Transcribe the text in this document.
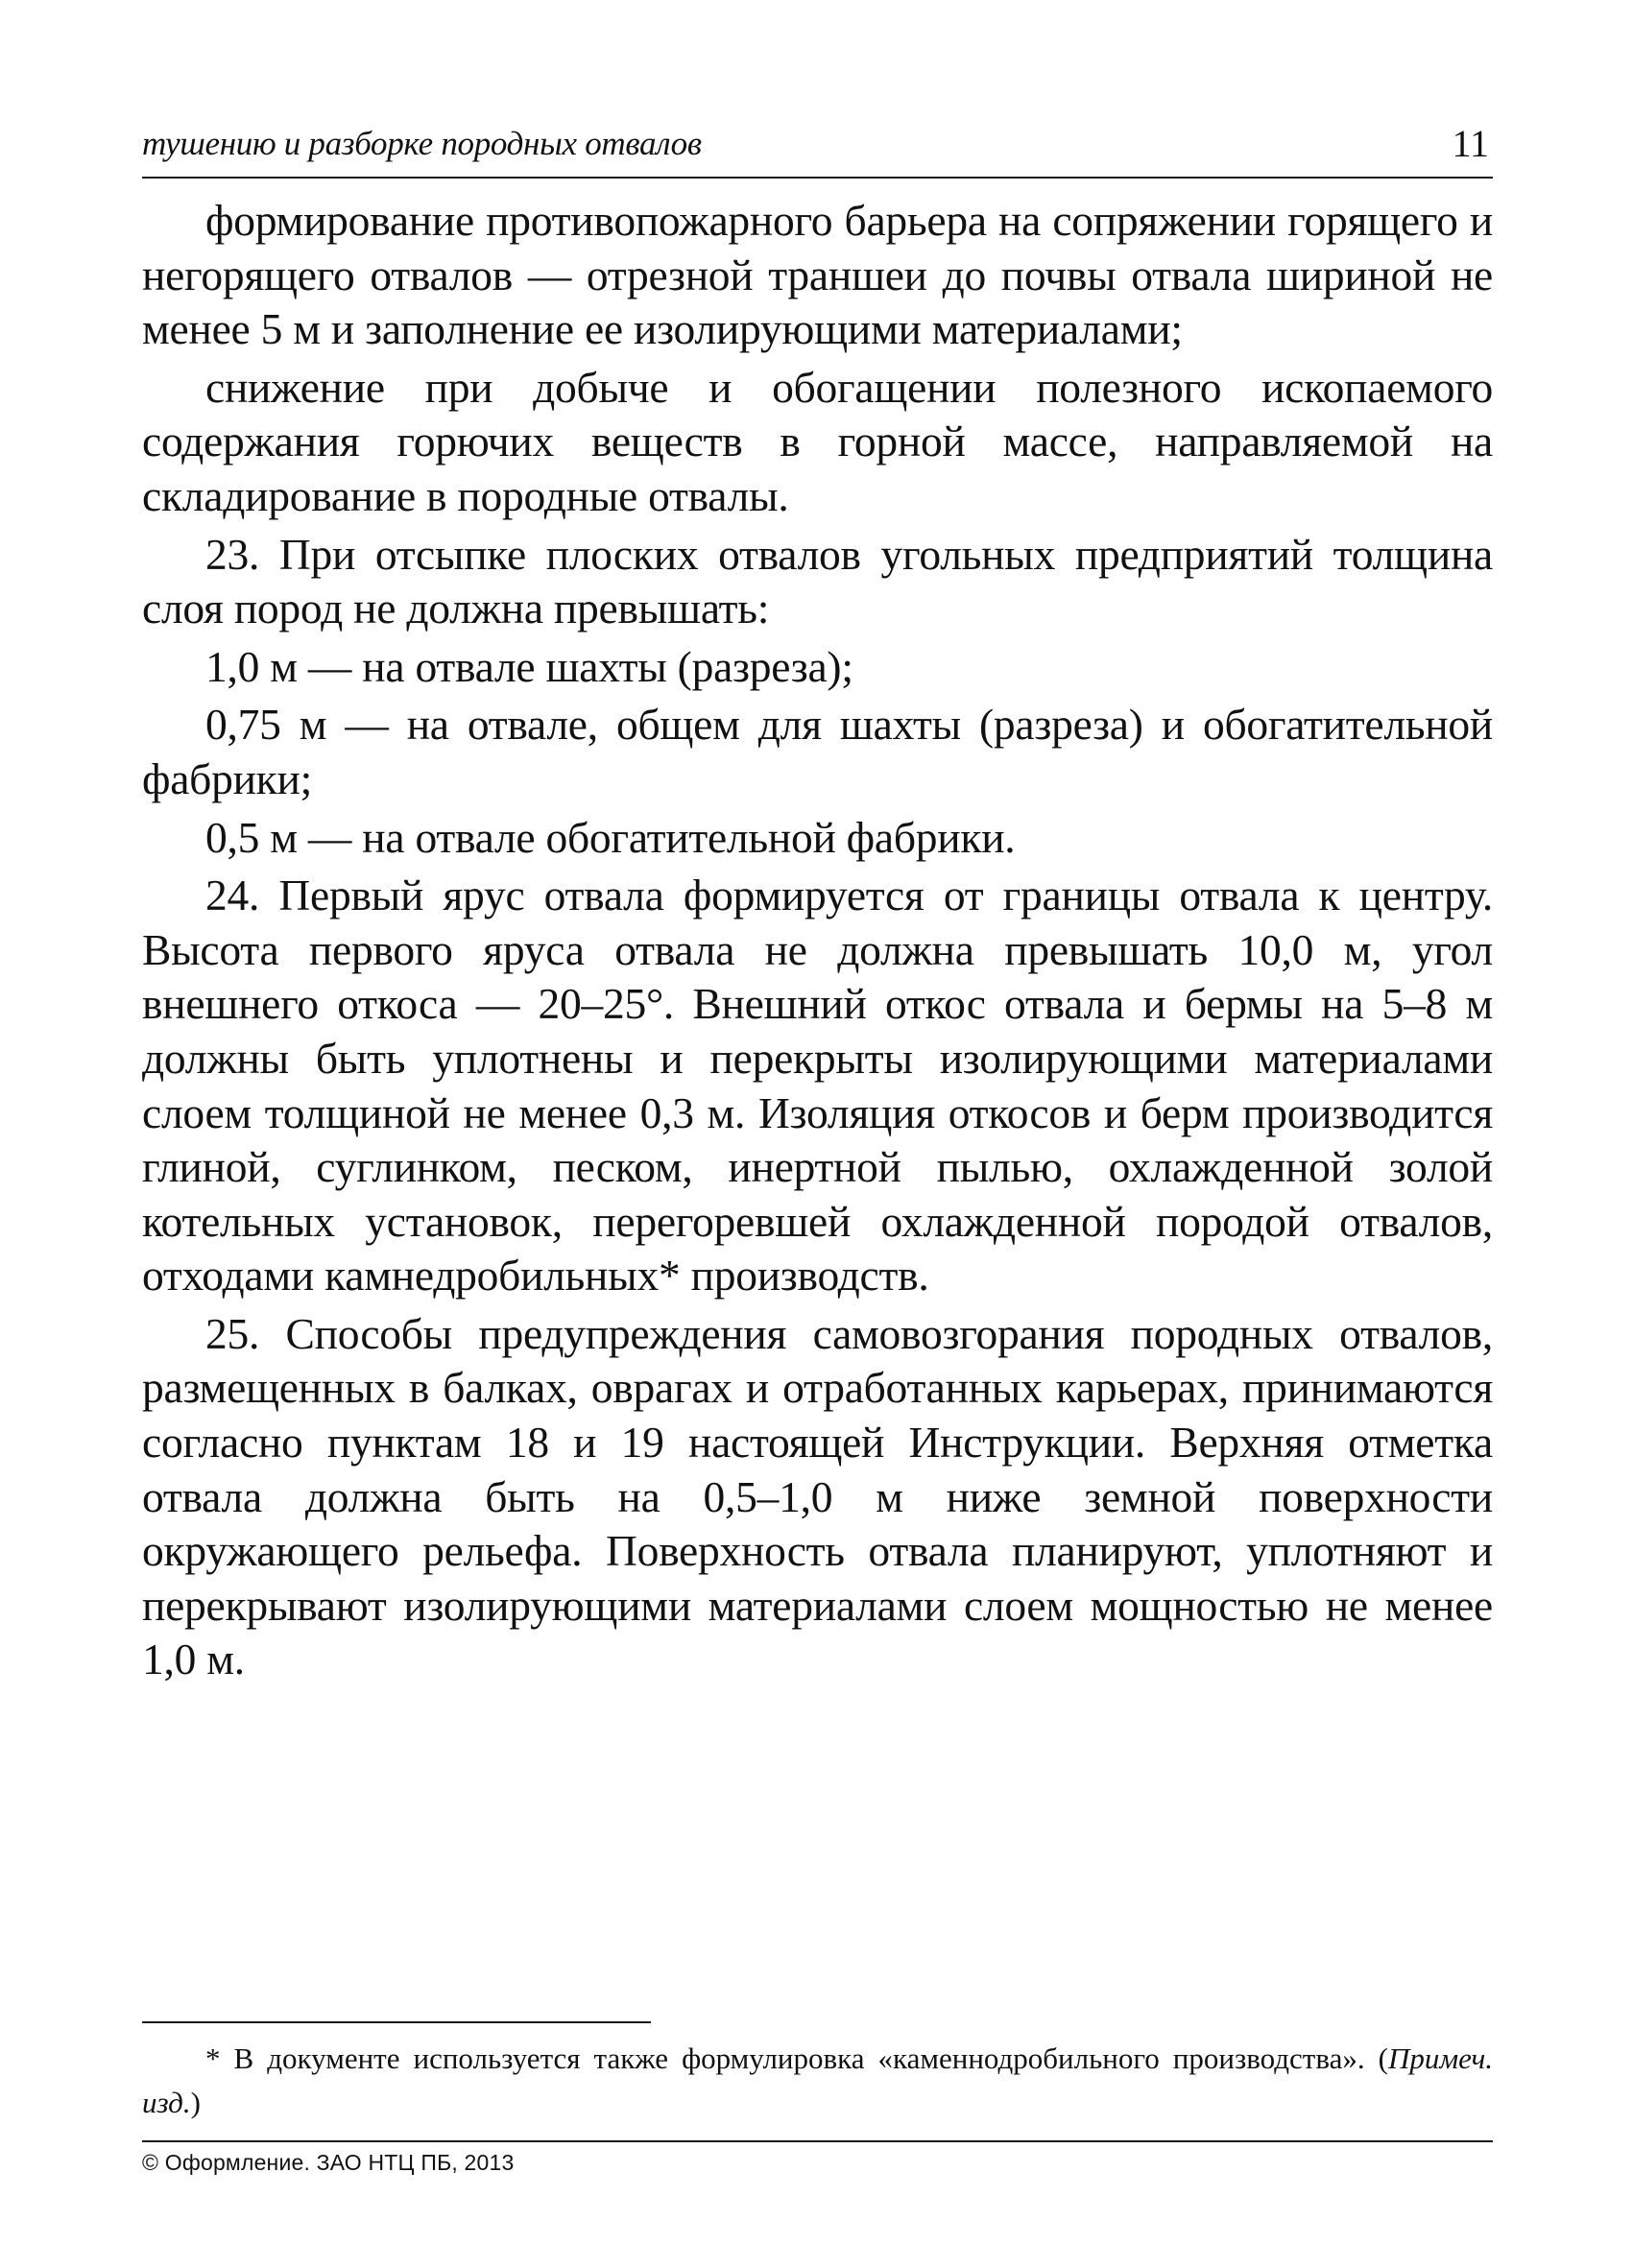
тушению и разборке породных отвалов	11

формирование противопожарного барьера на сопряжении горящего и негорящего отвалов — отрезной траншеи до почвы отвала шириной не менее 5 м и заполнение ее изолирующими материалами;

снижение при добыче и обогащении полезного ископаемого содержания горючих веществ в горной массе, направляемой на складирование в породные отвалы.

23. При отсыпке плоских отвалов угольных предприятий толщина слоя пород не должна превышать:

1,0 м — на отвале шахты (разреза);

0,75 м — на отвале, общем для шахты (разреза) и обогатительной фабрики;

0,5 м — на отвале обогатительной фабрики.

24. Первый ярус отвала формируется от границы отвала к центру. Высота первого яруса отвала не должна превышать 10,0 м, угол внешнего откоса — 20–25°. Внешний откос отвала и бермы на 5–8 м должны быть уплотнены и перекрыты изолирующими материалами слоем толщиной не менее 0,3 м. Изоляция откосов и берм производится глиной, суглинком, песком, инертной пылью, охлажденной золой котельных установок, перегоревшей охлажденной породой отвалов, отходами камнедробильных* производств.

25. Способы предупреждения самовозгорания породных отвалов, размещенных в балках, оврагах и отработанных карьерах, принимаются согласно пунктам 18 и 19 настоящей Инструкции. Верхняя отметка отвала должна быть на 0,5–1,0 м ниже земной поверхности окружающего рельефа. Поверхность отвала планируют, уплотняют и перекрывают изолирующими материалами слоем мощностью не менее 1,0 м.

* В документе используется также формулировка «каменнодробильного производства». (Примеч. изд.)

© Оформление. ЗАО НТЦ ПБ, 2013
